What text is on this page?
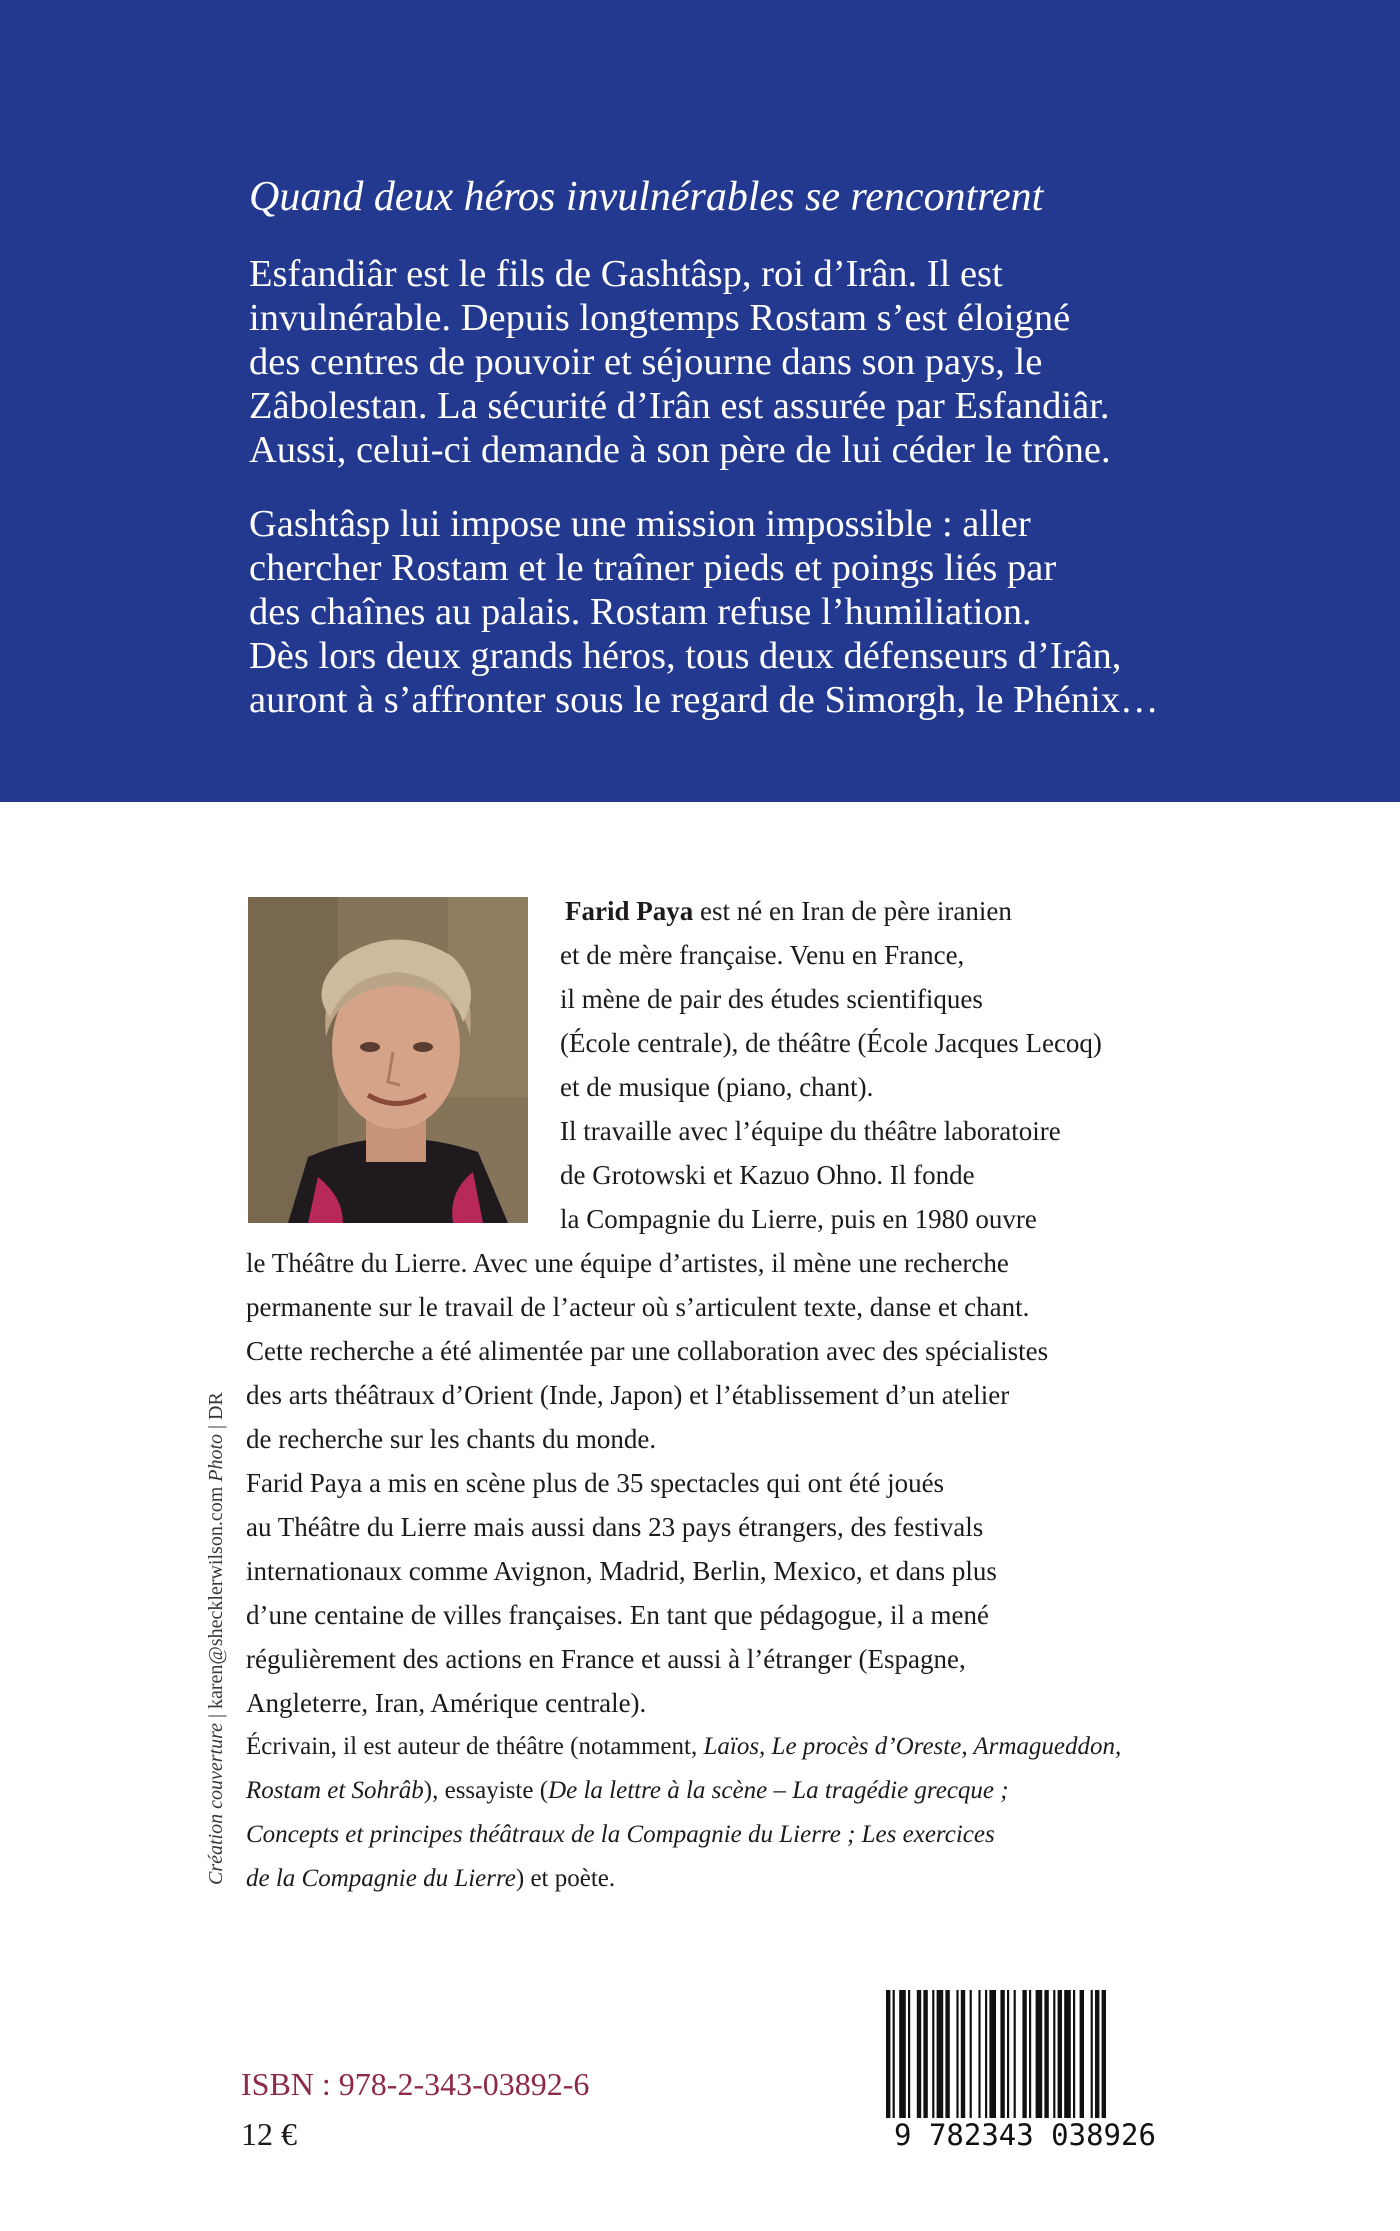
Quand deux héros invulnérables se rencontrent

Esfandiâr est le fils de Gashtâsp, roi d’Irân. Il est
invulnérable. Depuis longtemps Rostam s’est éloigné
des centres de pouvoir et séjourne dans son pays, le
Zâbolestan. La sécurité d’Irân est assurée par Esfandiâr.
Aussi, celui-ci demande à son père de lui céder le trône.

Gashtâsp lui impose une mission impossible : aller
chercher Rostam et le traîner pieds et poings liés par
des chaînes au palais. Rostam refuse l’humiliation.
Dès lors deux grands héros, tous deux défenseurs d’Irân,
auront à s’affronter sous le regard de Simorgh, le Phénix…

Farid Paya est né en Iran de père iranien

et de mère française. Venu en France,

il mène de pair des études scientifiques

(École centrale), de théâtre (École Jacques Lecoq)

et de musique (piano, chant).

Il travaille avec l’équipe du théâtre laboratoire

de Grotowski et Kazuo Ohno. Il fonde

la Compagnie du Lierre, puis en 1980 ouvre

le Théâtre du Lierre. Avec une équipe d’artistes, il mène une recherche

permanente sur le travail de l’acteur où s’articulent texte, danse et chant.

Cette recherche a été alimentée par une collaboration avec des spécialistes

des arts théâtraux d’Orient (Inde, Japon) et l’établissement d’un atelier

de recherche sur les chants du monde.

Farid Paya a mis en scène plus de 35 spectacles qui ont été joués

au Théâtre du Lierre mais aussi dans 23 pays étrangers, des festivals

internationaux comme Avignon, Madrid, Berlin, Mexico, et dans plus

d’une centaine de villes françaises. En tant que pédagogue, il a mené

régulièrement des actions en France et aussi à l’étranger (Espagne,

Angleterre, Iran, Amérique centrale).

Écrivain, il est auteur de théâtre (notamment, Laïos, Le procès d’Oreste, Armagueddon,

Rostam et Sohrâb), essayiste (De la lettre à la scène – La tragédie grecque ;

Concepts et principes théâtraux de la Compagnie du Lierre ; Les exercices

de la Compagnie du Lierre) et poète.

Création couverture | karen@shecklerwilson.com Photo | DR

ISBN : 978-2-343-03892-6

12 €	9 782343 038926
